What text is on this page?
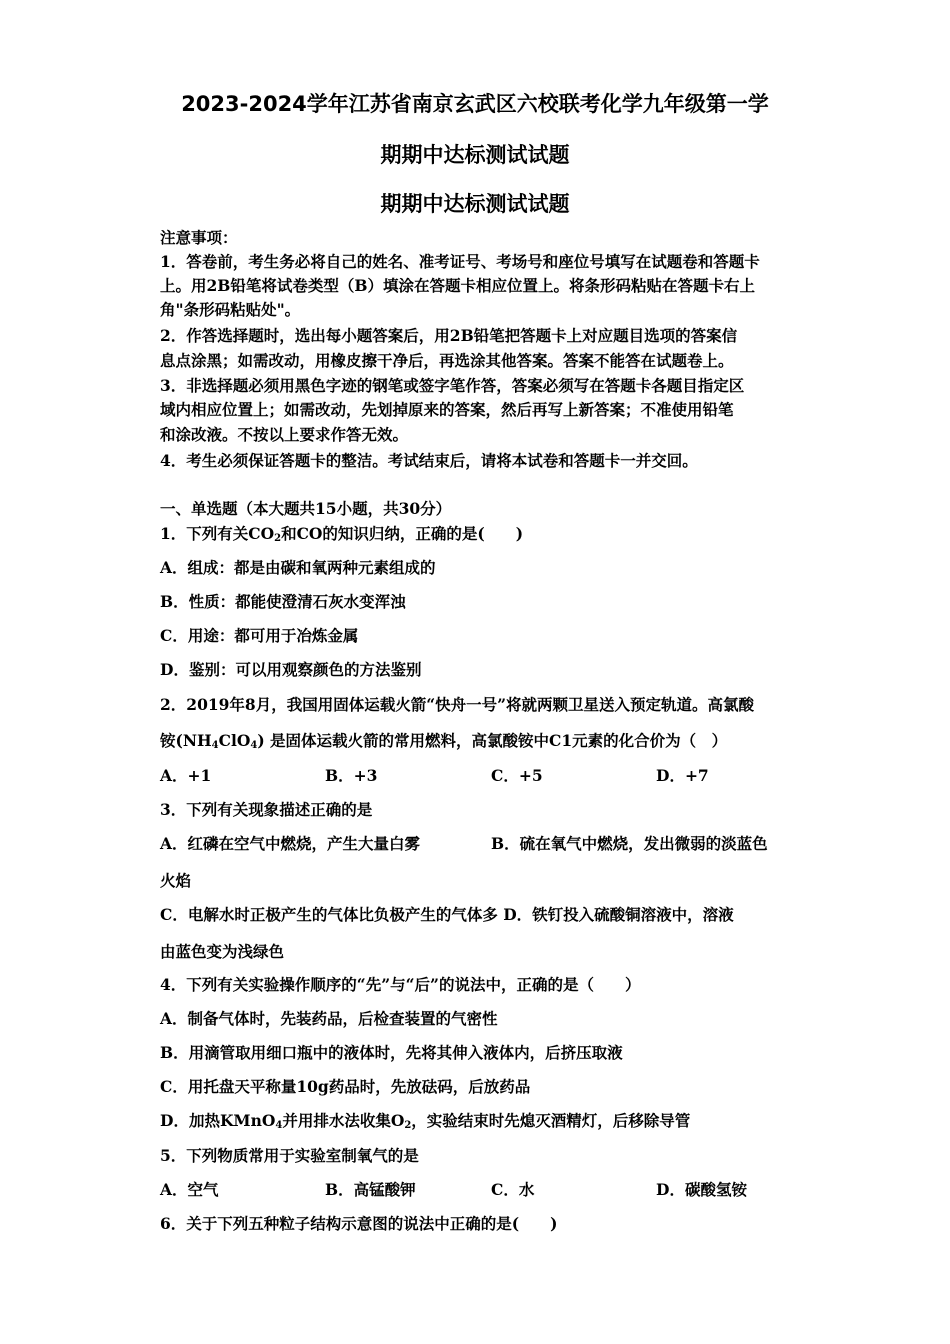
2023-2024学年江苏省南京玄武区六校联考化学九年级第一学
期期中达标测试试题
期期中达标测试试题
注意事项：
1．答卷前，考生务必将自己的姓名、准考证号、考场号和座位号填写在试题卷和答题卡
上。用2B铅笔将试卷类型（B）填涂在答题卡相应位置上。将条形码粘贴在答题卡右上
角"条形码粘贴处"。
2．作答选择题时，选出每小题答案后，用2B铅笔把答题卡上对应题目选项的答案信
息点涂黑；如需改动，用橡皮擦干净后，再选涂其他答案。答案不能答在试题卷上。
3．非选择题必须用黑色字迹的钢笔或签字笔作答，答案必须写在答题卡各题目指定区
域内相应位置上；如需改动，先划掉原来的答案，然后再写上新答案；不准使用铅笔
和涂改液。不按以上要求作答无效。
4．考生必须保证答题卡的整洁。考试结束后，请将本试卷和答题卡一并交回。
一、单选题（本大题共15小题，共30分）
1．下列有关$CO_2$和CO的知识归纳，正确的是(　　)
A．组成：都是由碳和氧两种元素组成的
B．性质：都能使澄清石灰水变浑浊
C．用途：都可用于冶炼金属
D．鉴别：可以用观察颜色的方法鉴别
2．2019年8月，我国用固体运载火箭“快舟一号”将就两颗卫星送入预定轨道。高氯酸
铵$(NH_4ClO_4)$ 是固体运载火箭的常用燃料，高氯酸铵中C1元素的化合价为（　）
A．+1	B．+3	C．+5	D．+7
3．下列有关现象描述正确的是
A．红磷在空气中燃烧，产生大量白雾	B．硫在氧气中燃烧，发出微弱的淡蓝色
火焰
C．电解水时正极产生的气体比负极产生的气体多 D．铁钉投入硫酸铜溶液中，溶液
由蓝色变为浅绿色
4．下列有关实验操作顺序的“先”与“后”的说法中，正确的是（　　）
A．制备气体时，先装药品，后检查装置的气密性
B．用滴管取用细口瓶中的液体时，先将其伸入液体内，后挤压取液
C．用托盘天平称量10g药品时，先放砝码，后放药品
D．加热KMnO$_4$并用排水法收集$O_2$，实验结束时先熄灭酒精灯，后移除导管
5．下列物质常用于实验室制氧气的是
A．空气	B．高锰酸钾	C．水	D．碳酸氢铵
6．关于下列五种粒子结构示意图的说法中正确的是(　　)
